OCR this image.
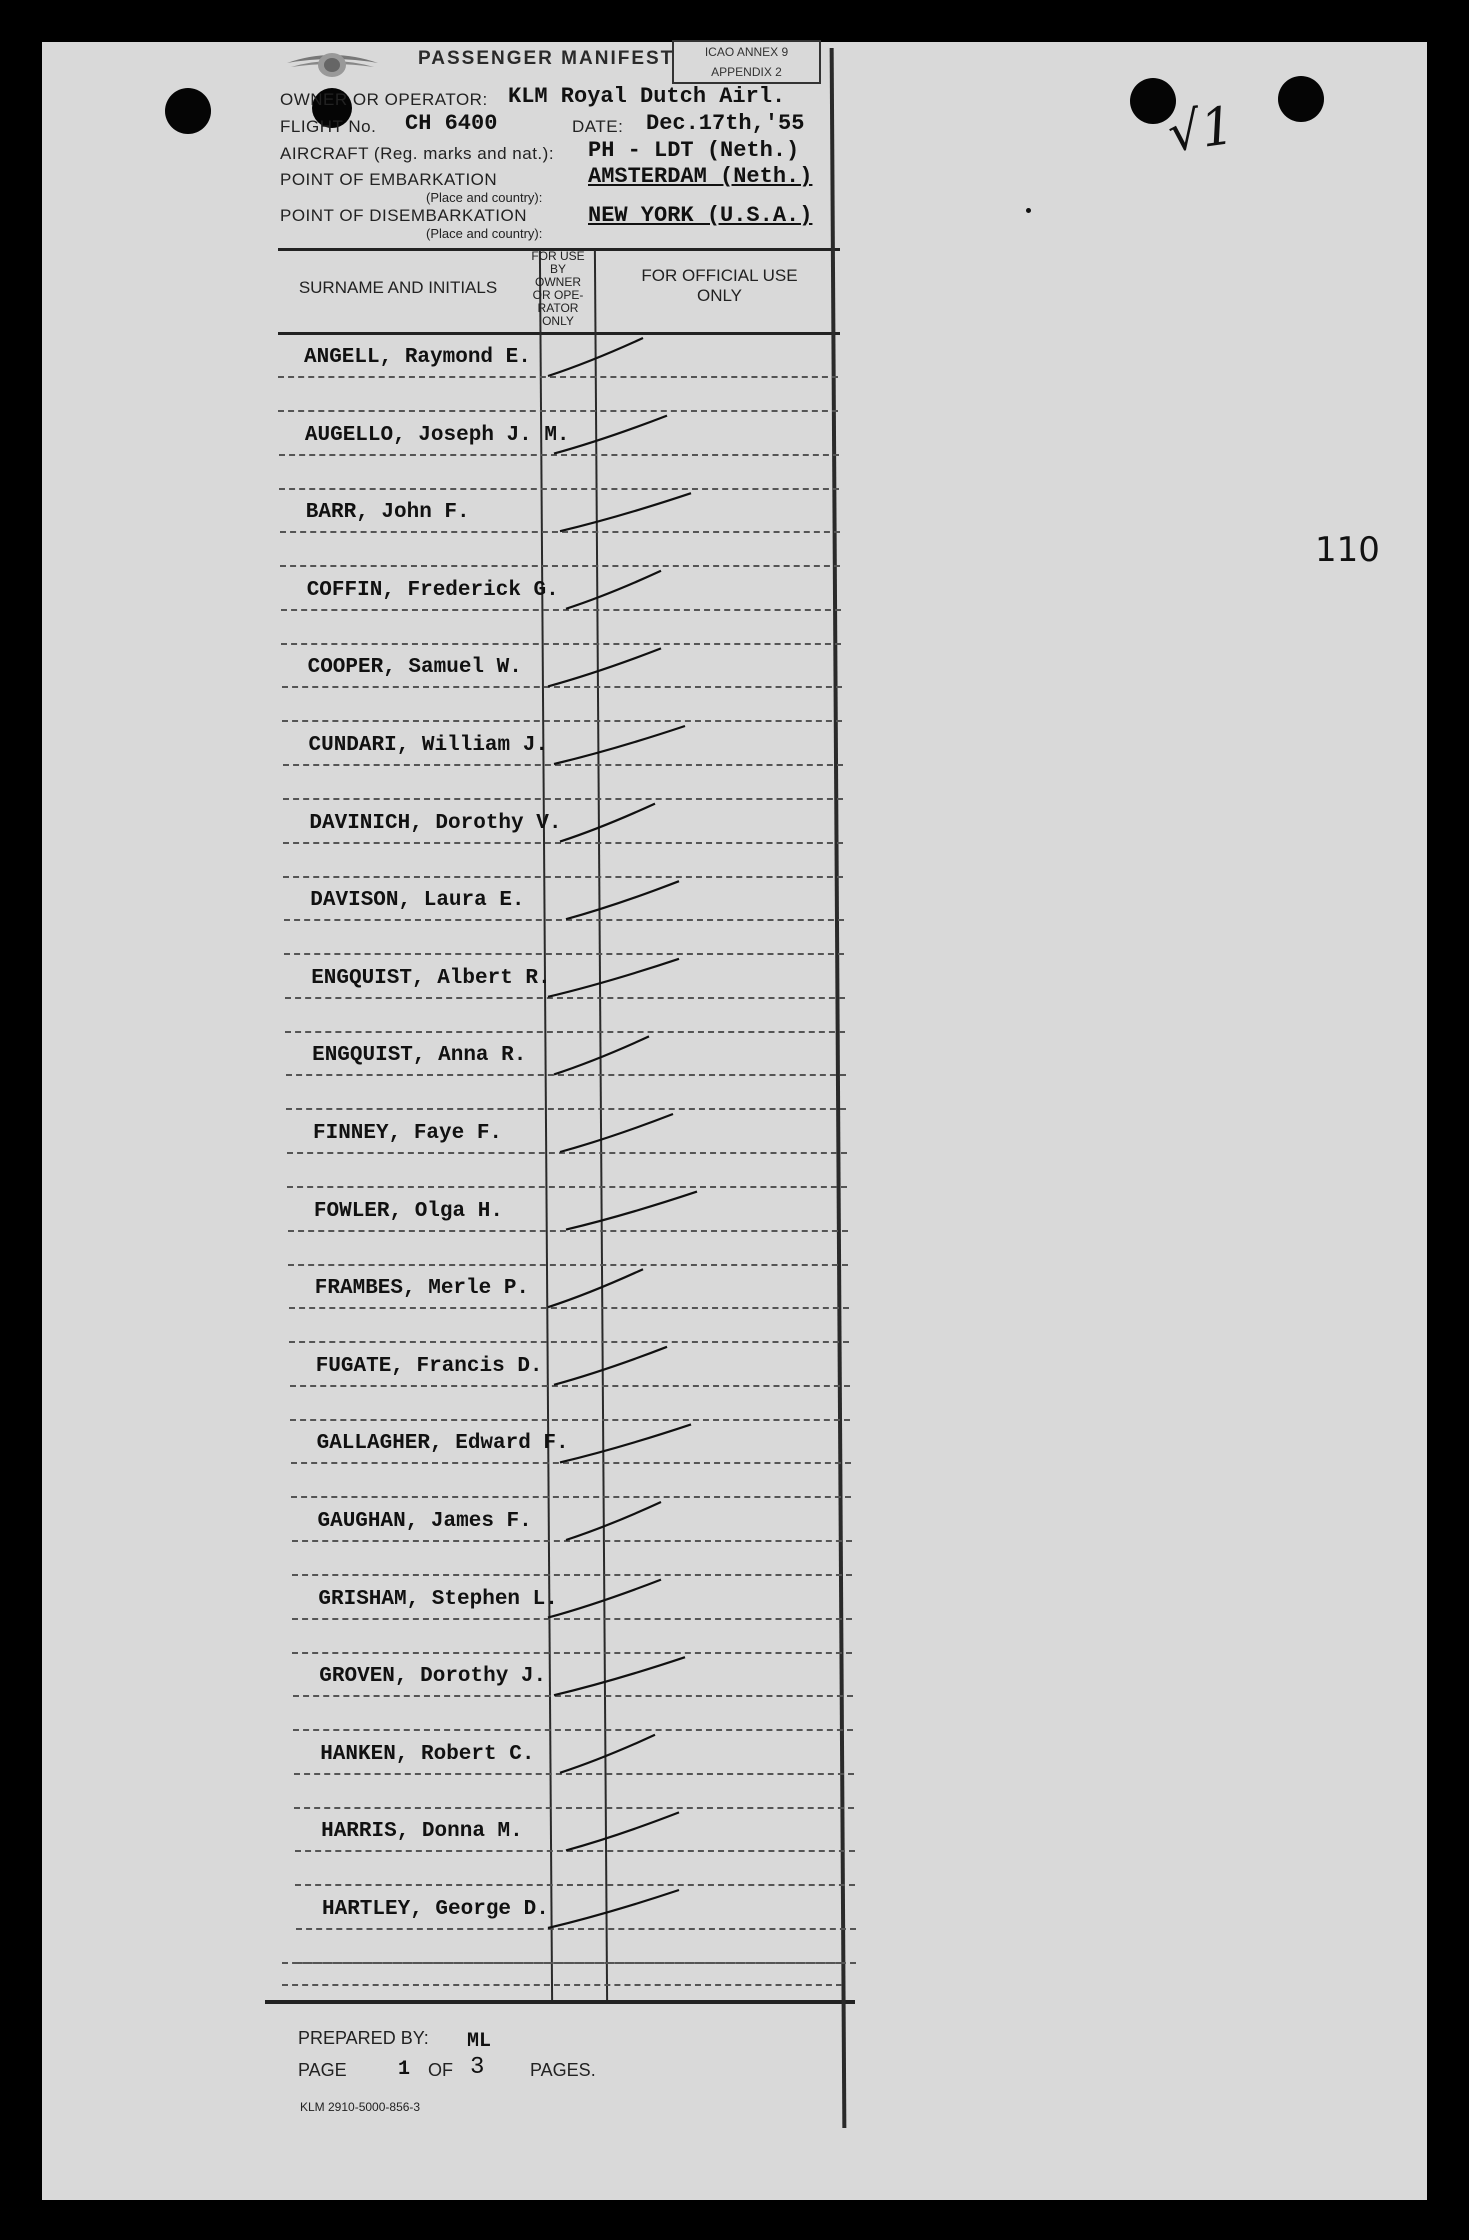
PASSENGER MANIFEST	ICAO ANNEX 9
APPENDIX 2
OWNER OR OPERATOR: KLM Royal Dutch Airl.
FLIGHT No. CH 6400	DATE: Dec.17th,'55
AIRCRAFT (Reg. marks and nat.): PH - LDT (Neth.)
POINT OF EMBARKATION
(Place and country):
AMSTERDAM (Neth.)
POINT OF DISEMBARKATION
(Place and country):
NEW YORK (U.S.A.)
SURNAME AND INITIALS
FOR USE
BY
OWNER
OR OPE-
RATOR
ONLY
FOR OFFICIAL USE
ONLY
ANGELL, Raymond E.
AUGELLO, Joseph J. M.
BARR, John F.
COFFIN, Frederick G.
COOPER, Samuel W.
CUNDARI, William J.
DAVINICH, Dorothy V.
DAVISON, Laura E.
ENGQUIST, Albert R.
ENGQUIST, Anna R.
FINNEY, Faye F.
FOWLER, Olga H.
FRAMBES, Merle P.
FUGATE, Francis D.
GALLAGHER, Edward F.
GAUGHAN, James F.
GRISHAM, Stephen L.
GROVEN, Dorothy J.
HANKEN, Robert C.
HARRIS, Donna M.
HARTLEY, George D.
PREPARED BY: ML
PAGE	1 OF 3	PAGES.
KLM 2910-5000-856-3
√1
110
